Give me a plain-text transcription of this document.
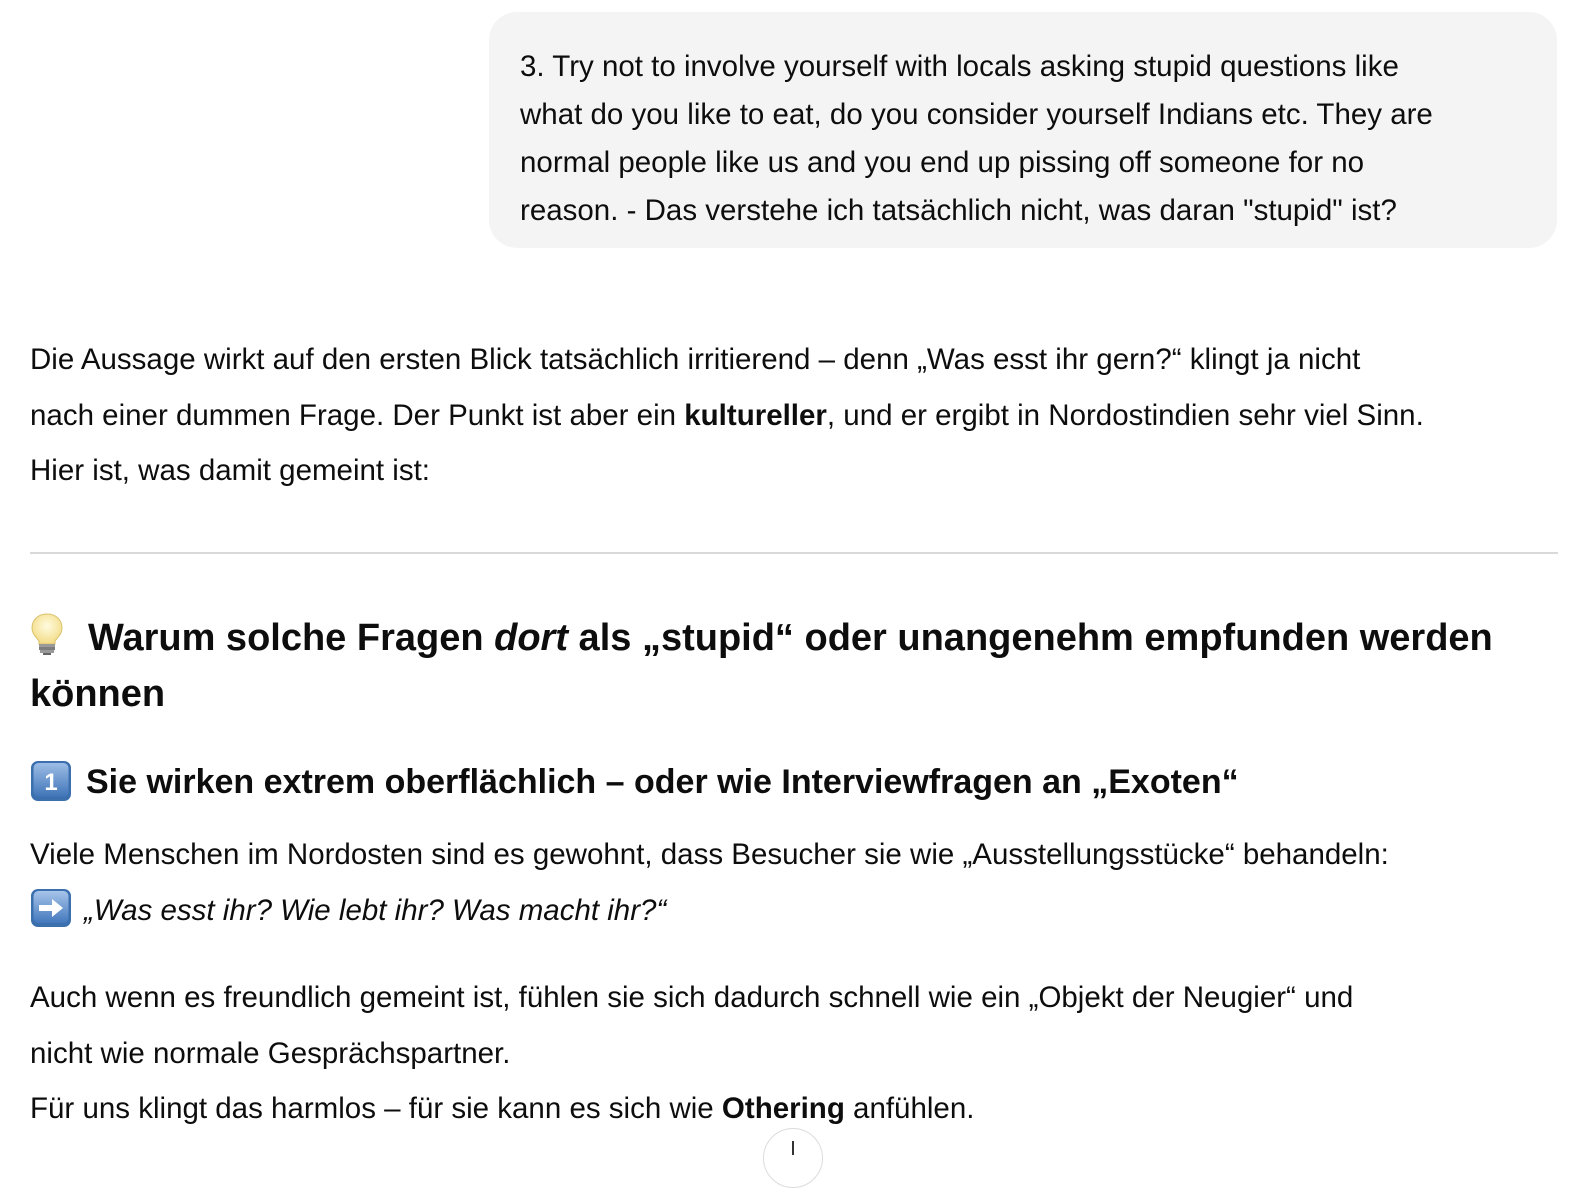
3. Try not to involve yourself with locals asking stupid questions like
what do you like to eat, do you consider yourself Indians etc. They are
normal people like us and you end up pissing off someone for no
reason. - Das verstehe ich tatsächlich nicht, was daran "stupid" ist?
Die Aussage wirkt auf den ersten Blick tatsächlich irritierend – denn „Was esst ihr gern?“ klingt ja nicht
nach einer dummen Frage. Der Punkt ist aber ein kultureller, und er ergibt in Nordostindien sehr viel Sinn.
Hier ist, was damit gemeint ist:
Warum solche Fragen dort als „stupid“ oder unangenehm empfunden werden
können
1 Sie wirken extrem oberflächlich – oder wie Interviewfragen an „Exoten“
Viele Menschen im Nordosten sind es gewohnt, dass Besucher sie wie „Ausstellungsstücke“ behandeln:
„Was esst ihr? Wie lebt ihr? Was macht ihr?“
Auch wenn es freundlich gemeint ist, fühlen sie sich dadurch schnell wie ein „Objekt der Neugier“ und
nicht wie normale Gesprächspartner.
Für uns klingt das harmlos – für sie kann es sich wie Othering anfühlen.
